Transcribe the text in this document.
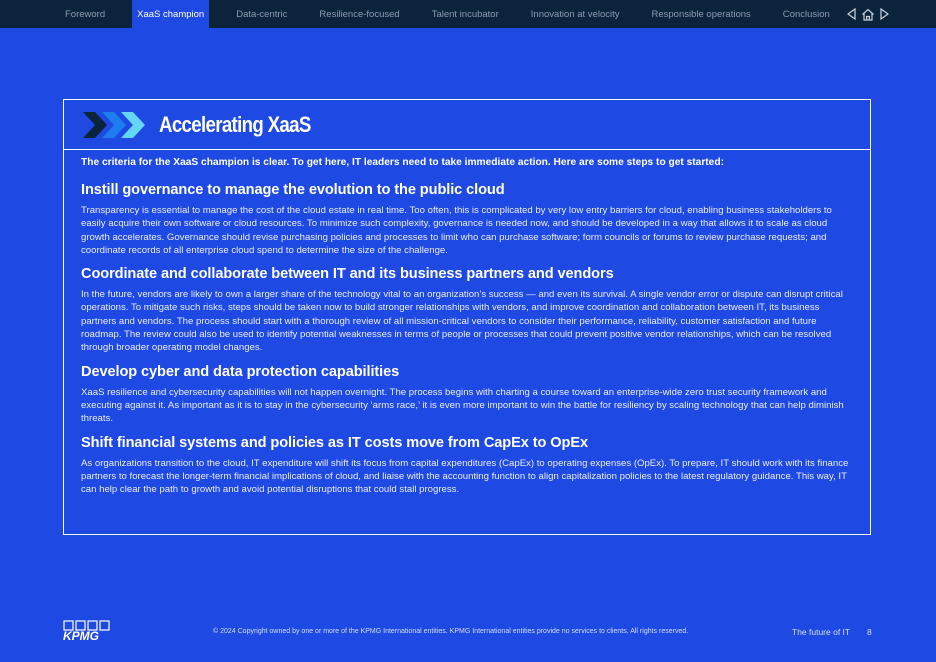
Foreword	XaaS champion	Data-centric	Resilience-focused	Talent incubator	Innovation at velocity	Responsible operations	Conclusion
Accelerating XaaS

The criteria for the XaaS champion is clear. To get here, IT leaders need to take immediate action. Here are some steps to get started:

Instill governance to manage the evolution to the public cloud

Transparency is essential to manage the cost of the cloud estate in real time. Too often, this is complicated by very low entry barriers for cloud, enabling business stakeholders to easily acquire their own software or cloud resources. To minimize such complexity, governance is needed now, and should be developed in a way that allows it to scale as cloud growth accelerates. Governance should revise purchasing policies and processes to limit who can purchase software; form councils or forums to review purchase requests; and coordinate records of all enterprise cloud spend to determine the size of the challenge.

Coordinate and collaborate between IT and its business partners and vendors

In the future, vendors are likely to own a larger share of the technology vital to an organization’s success — and even its survival. A single vendor error or dispute can disrupt critical operations. To mitigate such risks, steps should be taken now to build stronger relationships with vendors, and improve coordination and collaboration between IT, its business partners and vendors. The process should start with a thorough review of all mission-critical vendors to consider their performance, reliability, customer satisfaction and future roadmap. The review could also be used to identify potential weaknesses in terms of people or processes that could prevent positive vendor relationships, which can be resolved through broader operating model changes.

Develop cyber and data protection capabilities

XaaS resilience and cybersecurity capabilities will not happen overnight. The process begins with charting a course toward an enterprise-wide zero trust security framework and executing against it. As important as it is to stay in the cybersecurity ‘arms race,’ it is even more important to win the battle for resiliency by scaling technology that can help diminish threats.

Shift financial systems and policies as IT costs move from CapEx to OpEx

As organizations transition to the cloud, IT expenditure will shift its focus from capital expenditures (CapEx) to operating expenses (OpEx). To prepare, IT should work with its finance partners to forecast the longer-term financial implications of cloud, and liaise with the accounting function to align capitalization policies to the latest regulatory guidance. This way, IT can help clear the path to growth and avoid potential disruptions that could stall progress.

KPMG	© 2024 Copyright owned by one or more of the KPMG International entities. KPMG International entities provide no services to clients. All rights reserved.	The future of IT 8
